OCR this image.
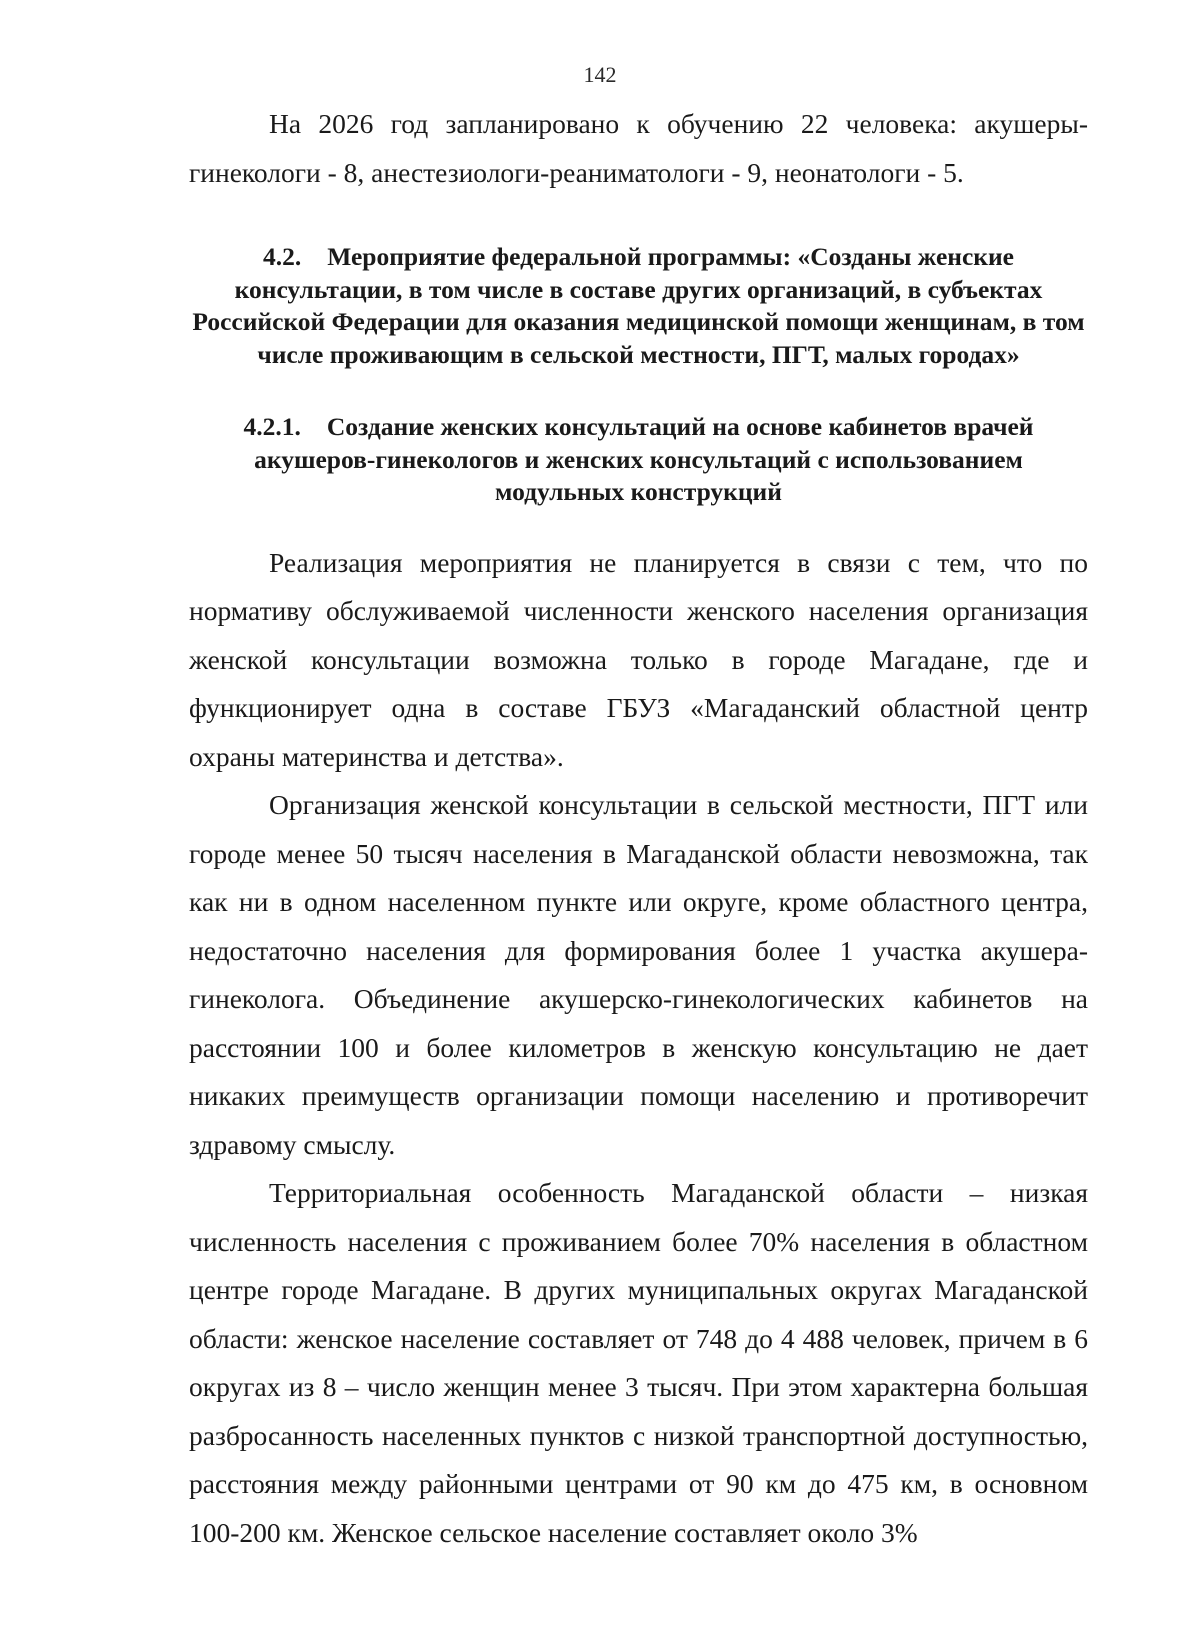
142

На 2026 год запланировано к обучению 22 человека: акушеры-гинекологи - 8, анестезиологи-реаниматологи - 9, неонатологи - 5.

4.2. Мероприятие федеральной программы: «Созданы женские консультации, в том числе в составе других организаций, в субъектах Российской Федерации для оказания медицинской помощи женщинам, в том числе проживающим в сельской местности, ПГТ, малых городах»
4.2.1. Создание женских консультаций на основе кабинетов врачей акушеров-гинекологов и женских консультаций с использованием модульных конструкций

Реализация мероприятия не планируется в связи с тем, что по нормативу обслуживаемой численности женского населения организация женской консультации возможна только в городе Магадане, где и функционирует одна в составе ГБУЗ «Магаданский областной центр охраны материнства и детства».

Организация женской консультации в сельской местности, ПГТ или городе менее 50 тысяч населения в Магаданской области невозможна, так как ни в одном населенном пункте или округе, кроме областного центра, недостаточно населения для формирования более 1 участка акушера-гинеколога. Объединение акушерско-гинекологических кабинетов на расстоянии 100 и более километров в женскую консультацию не дает никаких преимуществ организации помощи населению и противоречит здравому смыслу.

Территориальная особенность Магаданской области – низкая численность населения с проживанием более 70% населения в областном центре городе Магадане. В других муниципальных округах Магаданской области: женское население составляет от 748 до 4 488 человек, причем в 6 округах из 8 – число женщин менее 3 тысяч. При этом характерна большая разбросанность населенных пунктов с низкой транспортной доступностью, расстояния между районными центрами от 90 км до 475 км, в основном 100-200 км. Женское сельское население составляет около 3%
